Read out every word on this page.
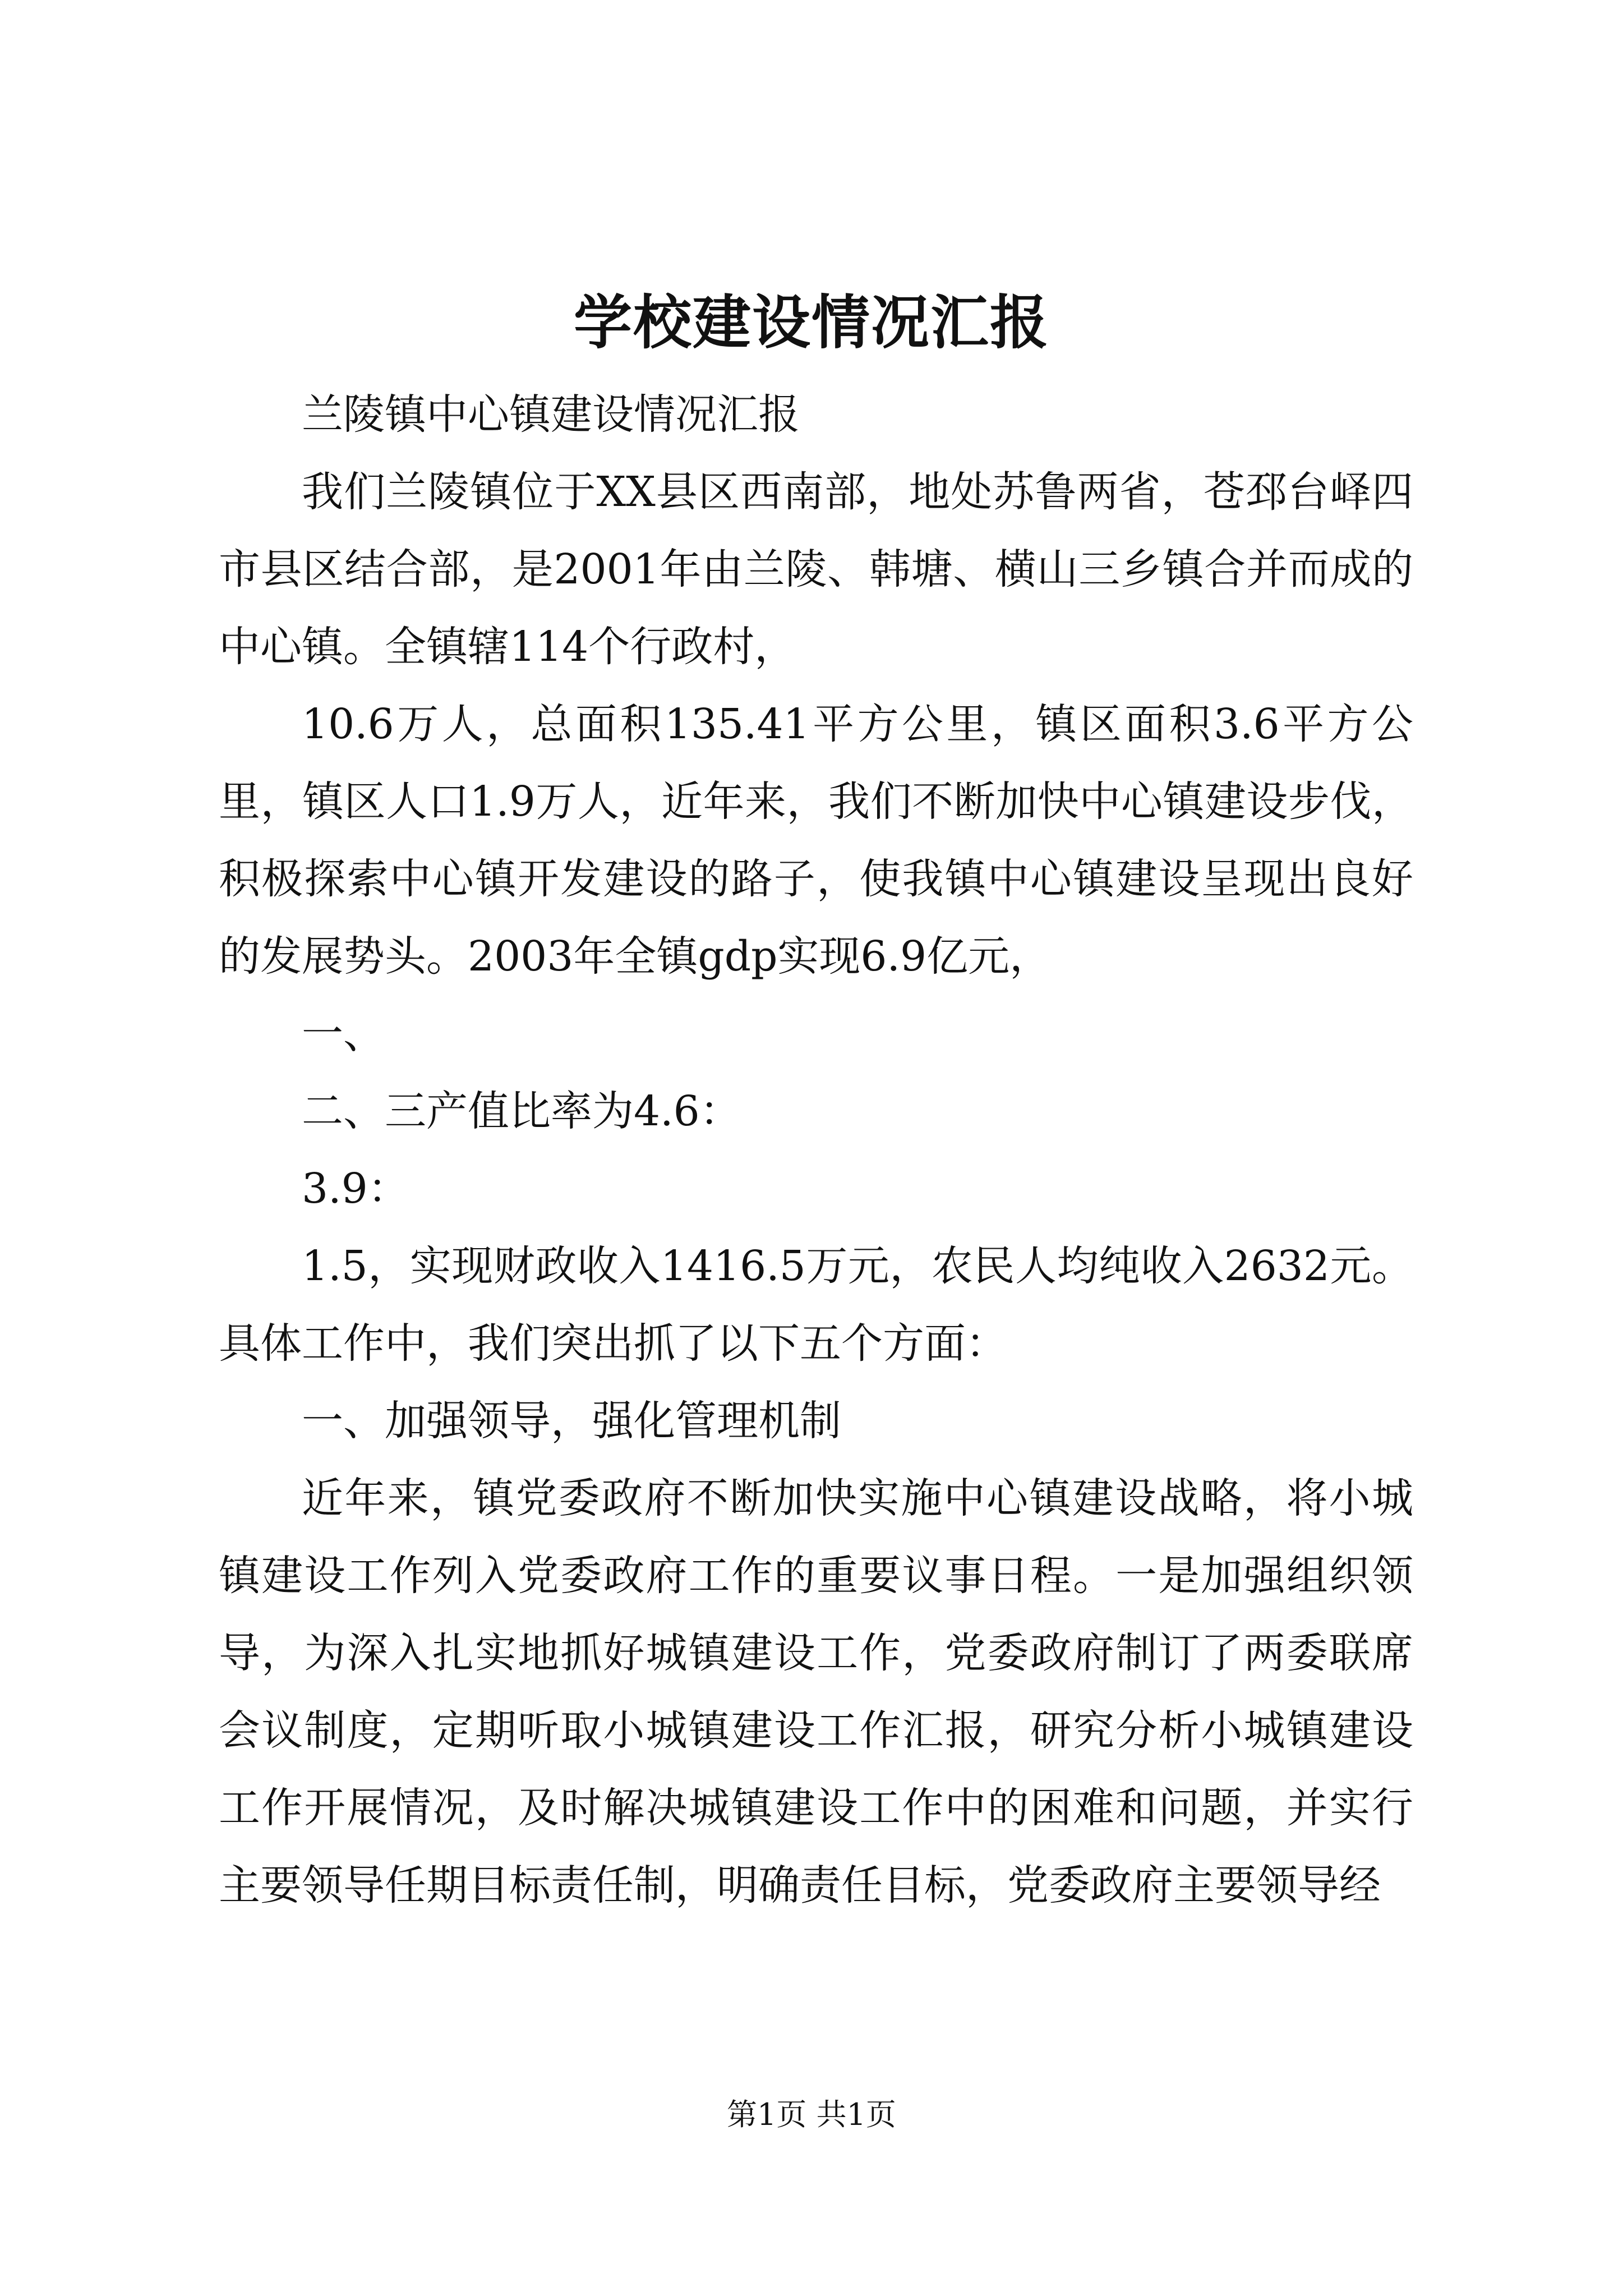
学校建设情况汇报

兰陵镇中心镇建设情况汇报

我们兰陵镇位于XX县区西南部，地处苏鲁两省，苍邳台峄四市县区结合部，是2001年由兰陵、韩塘、横山三乡镇合并而成的中心镇。全镇辖114个行政村，

10.6万人，总面积135.41平方公里，镇区面积3.6平方公里，镇区人口1.9万人，近年来，我们不断加快中心镇建设步伐，积极探索中心镇开发建设的路子，使我镇中心镇建设呈现出良好的发展势头。2003年全镇gdp实现6.9亿元，

一、

二、三产值比率为4.6：

3.9：

1.5，实现财政收入1416.5万元，农民人均纯收入2632元。具体工作中，我们突出抓了以下五个方面：

一、加强领导，强化管理机制

近年来，镇党委政府不断加快实施中心镇建设战略，将小城镇建设工作列入党委政府工作的重要议事日程。一是加强组织领导，为深入扎实地抓好城镇建设工作，党委政府制订了两委联席会议制度，定期听取小城镇建设工作汇报，研究分析小城镇建设工作开展情况，及时解决城镇建设工作中的困难和问题，并实行主要领导任期目标责任制，明确责任目标，党委政府主要领导经

第1页 共1页
